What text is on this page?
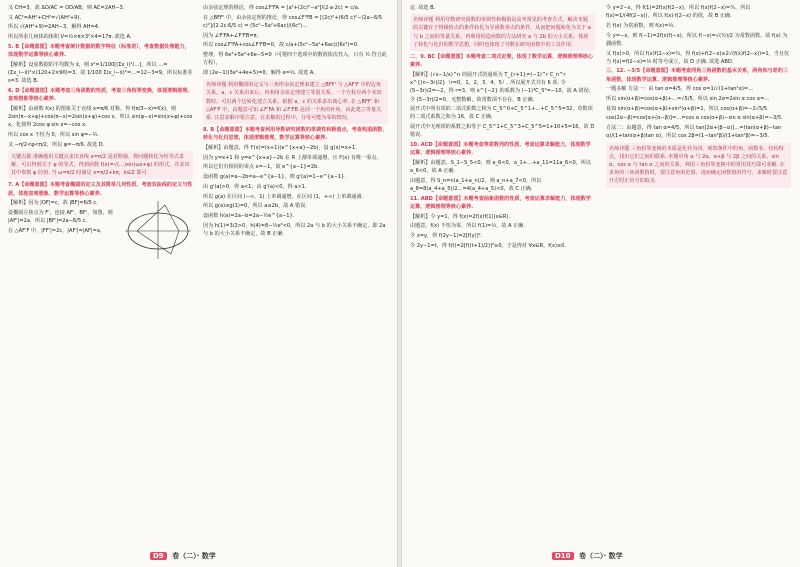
又 CH=3，故 ΔO/AC = OD/AB，则 AC=2AH−3.

又 AC²=AH²+CH²=√(AH²+9)，

所以 √(AH²+9)=2AH−3，解得 AH=4.

所以所求几何体的体积 V=½×π×3²×4=17π. 故选 A.

5. B【命题意图】本题考查统计数据的数字特征（标准差），考查数据处理能力，体现数学运算等核心素养.

【解析】设原数据的平均数为 x̄，则 s²=1/100[(Σx_i)²/…]，所以 …=(Σx_i−x̄)²×(120+2×90)=3，故 1/100 Σ(x_i−x̄)²=…=12−3=9，所以标准差 s=3. 故选 B.

6. D【命题意图】本题考查三角函数的性质，考查三角恒等变换，体现逻辑推理、直观想象等核心素养.

【解析】由函数 f(x) 的图象关于直线 x=π/6 对称，得 f(π/3−x)=f(x)，则 2sin(π−x+φ)+cos(π−x)=2sin(x+φ)+cos x，所以 sin(φ−x)=sin(x+φ)+cos x，化简得 2cos φ sin x=−cos x.

所以 cos x 不恒为 0，所以 sin φ=−½.

又 −π/2<φ<π/2，所以 φ=−π/6. 故选 D.

关键点拨 准确地用关键点求出直线 x=π/2 是对称轴，将问题转化为恒等式求解，可以得到关于 φ 的等式，得到函数 f(x)=√(…)sin(ωx+φ) 的形式，并求出其中参数 φ 的值. 当 ω=π/2 时满足 x=π/2+kπ，k∈Z 即可.

7. A【命题意图】本题考查椭圆的定义及其简单几何性质，考查双曲线的定义与性质，体现直观想象、数学运算等核心素养.

【解析】因为 |OF|=c，故 |BF|=6/5 c.

设椭圆左焦点为 F'，连接 AF'，BF'，如图，则 |AF'|=2a，所以 |BF'|=2a−6/5 c.

在 △AF'F 中，|FF'|=2c，|AF'|=|AF|=a，

由余弦定理的推论，得 cos∠F'FA = [a²+(2c)²−a²]/(2·a·2c) = c/a.

在 △BFF' 中，由余弦定理的推论，得 cos∠F'FB = [(2c)²+(6/5 c)²−(2a−6/5 c)²]/(2·2c·6/5 c) = (5c²−5a²+6ac)/(6c²)…

因为 ∠F'FA+∠F'FB=π，

所以 cos∠F'FA+cos∠F'FB=0，故 c/a+(5c²−5a²+6ac)/(6c²)=0.

整理，得 6e³+5e²+6e−5=0（可将四个选项中的数值依次代入，只有 ½ 符合此方程），

即 (2e−1)(3e²+4e+5)=0，解得 e=½. 故选 A.

名师评题 利用椭圆的定义与三角形余弦定理来建立 △BFF' 与 △AF'F 中的边角关系，a，c 关系出来后，再利用余弦定理建立等量关系，一个方程有两个未知数时，可以两个边转化建立关系，根据 a，c 的关系求出离心率. 在 △BFF' 和 △AF'F 中，由题意可知 ∠F'FA 和 ∠F'FB 是同一个角的补角，由此建立等量关系. 注意求解中要注意，在求解的过程中，分母可能为零的情况.

8. B【命题意图】本题考查利用导数研究函数的单调性和极值点，考查构造函数、转化与化归思想，体现逻辑推理、数学运算等核心素养.

【解析】由题意，得 f'(x)=(x+1)(e^{x+a}−2b)，设 g(x)=x+1.

因为 y=x+1 和 y=e^{x+a}−2b 在 R 上都单调递增，且 f'(x) 有唯一零点，

所以它们有相同的零点 x=−1，故 e^{a−1}=2b.

设函数 g(a)=a−2b=a−e^{a−1}，则 g'(a)=1−e^{a−1}.

由 g'(a)>0，得 a<1；由 g'(a)<0，得 a>1.

所以 g(a) 在区间 (−∞，1) 上单调递增，在区间 (1，+∞) 上单调递减.

所以 g(a)≤g(1)=0，所以 a≤2b，故 A 错误.

设函数 h(a)=2a−b=2a−½e^{a−1}.

因为 h(1)=3/2>0，h(4)=8−½e³<0，所以 2a 与 b 的大小关系不确定，即 2a 与 b 的大小关系不确定，故 B 正确.

D9 卷（二）· 数学

定. 故选 B.

名师评题 利用导数研究函数的单调性和极值是高考常见的考查方式，解决本题的关键在于将极值点的条件转化为导函数零点的条件，从而把问题转化为关于 a 与 b 之间的等量关系，再利用构造函数的方法研究 a 与 2b 的大小关系，体现了转化与化归的数学思想，同时也体现了导数在研究函数中的工具作用.

二、9. BC【命题意图】本题考查二项式定理，体现了数学运算、逻辑推理等核心素养.

【解析】(√x−1/x)^n 的展开式的通项为 T_{r+1}=(−1)^r C_n^r x^{(n−3r)/2}（r=0，1，2，3，4，5）. 所以展开式共有 6 项. 令 (5−3r)/2=−2，得 r=3，则 x^{−2} 的系数为 (−1)³C_5³=−10，故 A 错误；令 (5−3r)/2=0，无整数解，故常数项不存在，B 正确.

展开式中所有项的二项式系数之和为 C_5^0+C_5^1+…+C_5^5=32，奇数项的二项式系数之和为 16，故 C 正确.

展开式中无理项的系数之和等于 C_5^1+C_5^3+C_5^5=1+10+5=16，故 D 错误.

10. ACD【命题意图】本题考查等差数列的性质，考查运算求解能力，体现数学运算、逻辑推理等核心素养.

【解析】由题意，S_1−S_5<0，则 a_6<0，a_1+…+a_11=11a_6<0，所以 a_6<0，故 A 正确.

由题意，得 S_n=n(a_1+a_n)/2，则 a_n+a_7<0，所以 a_8=8(a_4+a_5)/2…=4(a_4+a_5)<0，故 C 正确.

11. ABD【命题意图】本题考查抽象函数的性质，考查运算求解能力，体现数学运算、逻辑推理等核心素养.

【解析】令 y=1，得 f(x)=2f(x)f(1)(x∈R).

由题意，f(x) 不恒为零，所以 f(1)=½，故 A 正确.

令 x=y，得 f(2y−1)=2[f(y)]².

令 2y−1=t，得 f(t)=2[f((t+1)/2)]²≥0，于是得对 ∀x∈R，f(x)≥0.

令 y=2−x，得 f(1)=2f(x)f(2−x)，所以 f(x)f(2−x)=¼，所以 f(x)=1/(4f(2−x))，所以 f(x)·f(2−x) 的值，故 B 正确.

若 f(x) 为常函数，则 f(x)=½.

令 y=−x，则 f(−1)=2f(x)f(−x)，所以 f(−x)=√(½)/2 为常数函数，故 f(x) 为偶函数.

又 f(x)>0，所以 f(x)f(2−x)=¼，得 f(x)+f(2−x)≥2√(f(x)f(2−x))=1，当且仅当 f(x)=f(2−x)=½ 时等号成立，故 D 正确. 故选 ABD.

三、12. −3/5【命题意图】本题考查同角三角函数的基本关系，两角和与差的三角函数，体现数学运算、逻辑推理等核心素养.

一题多解 方法一：由 tan α=4/5，得 cos α=1/√(1+tan²α)=…

所以 sin(α+β)=cos(α+β)+…=√5/5，所以 sin 2α=2sin α cos α=…

易知 sin(α+β)=cos(α+β)+sin²(α+β)=1，所以 cos(α+β)=−2√5/5.

cos(2α−β)=cos[α+(α−β)]=…=cos α cos(α+β)−sin α sin(α+β)=−3/5.

方法二：由题意，得 tan α=4/5，所以 tan[2α+(β−α)]…=(tan(α+β)−tan α)/(1+tan(α+β)tan α)，所以 cos 2β=(1−tan²β)/(1+tan²β)=−3/5.

名师评题 三角恒等变换的本质是化异为同，观察条件中的角、函数名、结构特点，找出它们之间的联系. 本题中角 α 与 2α、α+β 与 2β 之间的关系，sin α、cos α 与 tan α 之间的关系，利用三角恒等变换中的常用技巧即可求解. 在求角的三角函数值时，要注意角的范围，进而确定函数值的符号，求解时要注意开方时正负号的取舍.

D10 卷（二）· 数学
